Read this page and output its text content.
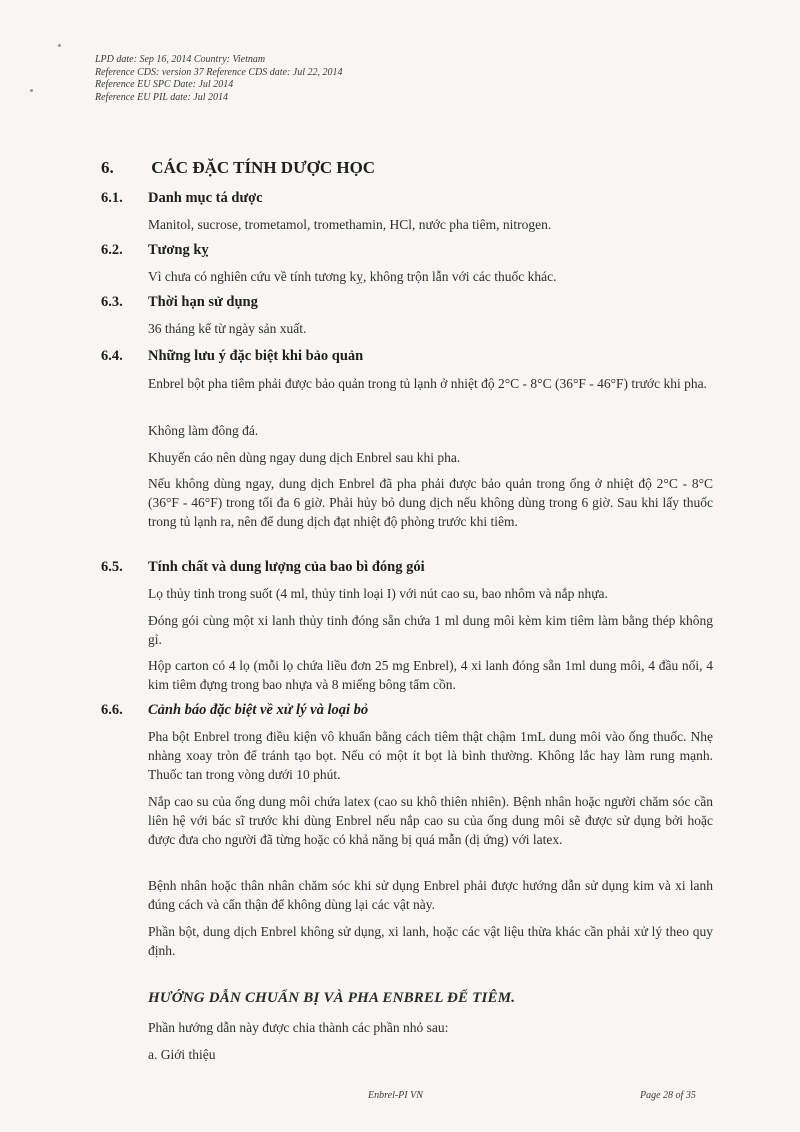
LPD date: Sep 16, 2014 Country: Vietnam
Reference CDS: version 37 Reference CDS date: Jul 22, 2014
Reference EU SPC Date: Jul 2014
Reference EU PIL date: Jul 2014
6. CÁC ĐẶC TÍNH DƯỢC HỌC
6.1.	Danh mục tá dược
Manitol, sucrose, trometamol, tromethamin, HCl, nước pha tiêm, nitrogen.
6.2.	Tương kỵ
Vì chưa có nghiên cứu về tính tương kỵ, không trộn lẫn với các thuốc khác.
6.3.	Thời hạn sử dụng
36 tháng kể từ ngày sản xuất.
6.4.	Những lưu ý đặc biệt khi bảo quản
Enbrel bột pha tiêm phải được bảo quản trong tủ lạnh ở nhiệt độ 2°C - 8°C (36°F - 46°F) trước khi pha.
Không làm đông đá.
Khuyến cáo nên dùng ngay dung dịch Enbrel sau khi pha.
Nếu không dùng ngay, dung dịch Enbrel đã pha phải được bảo quản trong ống ở nhiệt độ 2°C - 8°C (36°F - 46°F) trong tối đa 6 giờ. Phải hủy bỏ dung dịch nếu không dùng trong 6 giờ. Sau khi lấy thuốc trong tủ lạnh ra, nên để dung dịch đạt nhiệt độ phòng trước khi tiêm.
6.5.	Tính chất và dung lượng của bao bì đóng gói
Lọ thủy tinh trong suốt (4 ml, thủy tinh loại I) với nút cao su, bao nhôm và nắp nhựa.
Đóng gói cùng một xi lanh thủy tinh đóng sẵn chứa 1 ml dung môi kèm kim tiêm làm bằng thép không gỉ.
Hộp carton có 4 lọ (mỗi lọ chứa liều đơn 25 mg Enbrel), 4 xi lanh đóng sẵn 1ml dung môi, 4 đầu nối, 4 kim tiêm đựng trong bao nhựa và 8 miếng bông tẩm cồn.
6.6.	Cảnh báo đặc biệt về xử lý và loại bỏ
Pha bột Enbrel trong điều kiện vô khuẩn bằng cách tiêm thật chậm 1mL dung môi vào ống thuốc. Nhẹ nhàng xoay tròn để tránh tạo bọt. Nếu có một ít bọt là bình thường. Không lắc hay làm rung mạnh. Thuốc tan trong vòng dưới 10 phút.
Nắp cao su của ống dung môi chứa latex (cao su khô thiên nhiên). Bệnh nhân hoặc người chăm sóc cần liên hệ với bác sĩ trước khi dùng Enbrel nếu nắp cao su của ống dung môi sẽ được sử dụng bởi hoặc được đưa cho người đã từng hoặc có khả năng bị quá mẫn (dị ứng) với latex.
Bệnh nhân hoặc thân nhân chăm sóc khi sử dụng Enbrel phải được hướng dẫn sử dụng kim và xi lanh đúng cách và cẩn thận để không dùng lại các vật này.
Phần bột, dung dịch Enbrel không sử dụng, xi lanh, hoặc các vật liệu thừa khác cần phải xử lý theo quy định.
HƯỚNG DẪN CHUẨN BỊ VÀ PHA ENBREL ĐỂ TIÊM.
Phần hướng dẫn này được chia thành các phần nhỏ sau:
a. Giới thiệu
Enbrel-PI VN	Page 28 of 35
